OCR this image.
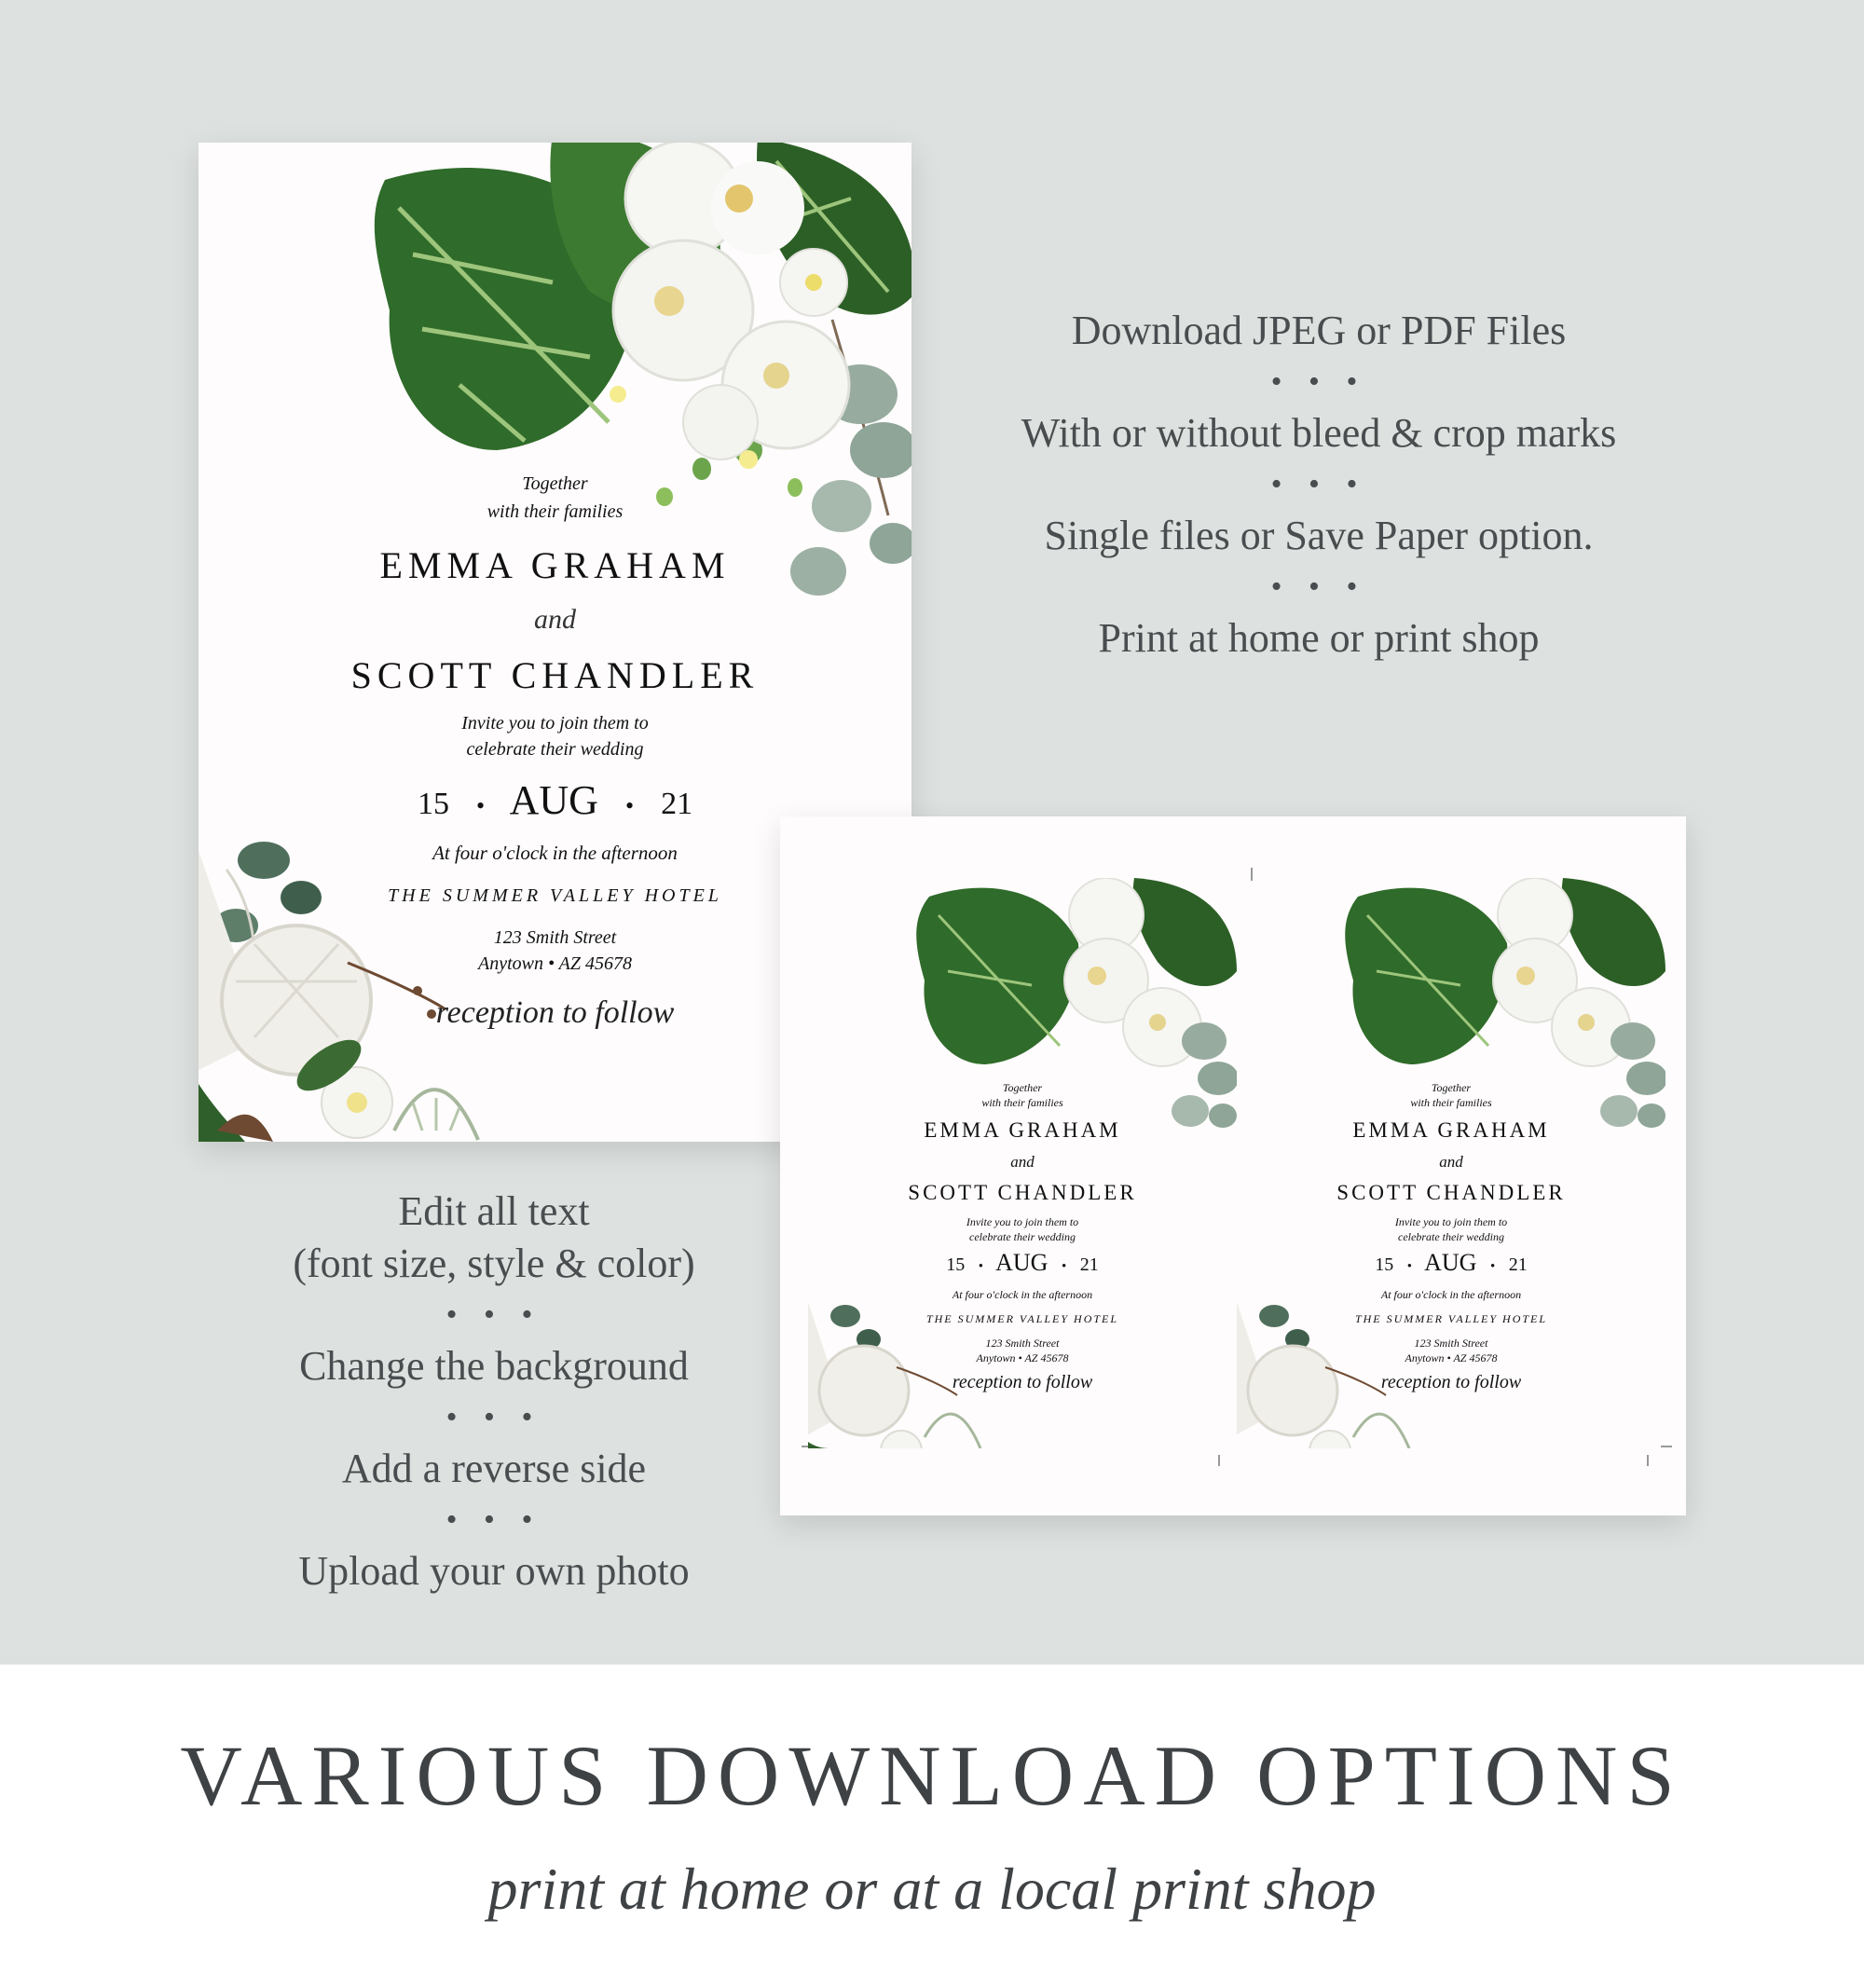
Together
with their families
EMMA GRAHAM
and
SCOTT CHANDLER
Invite you to join them to
celebrate their wedding
15 • AUG • 21
At four o'clock in the afternoon
THE SUMMER VALLEY HOTEL
123 Smith Street
Anytown • AZ 45678
reception to follow
Download JPEG or PDF Files
• • •
With or without bleed & crop marks
• • •
Single files or Save Paper option.
• • •
Print at home or print shop
Edit all text
(font size, style & color)
• • •
Change the background
• • •
Add a reverse side
• • •
Upload your own photo
Together
with their families
EMMA GRAHAM
and
SCOTT CHANDLER
Invite you to join them to
celebrate their wedding
15 • AUG • 21
At four o'clock in the afternoon
THE SUMMER VALLEY HOTEL
123 Smith Street
Anytown • AZ 45678
reception to follow
Together
with their families
EMMA GRAHAM
and
SCOTT CHANDLER
Invite you to join them to
celebrate their wedding
15 • AUG • 21
At four o'clock in the afternoon
THE SUMMER VALLEY HOTEL
123 Smith Street
Anytown • AZ 45678
reception to follow
VARIOUS DOWNLOAD OPTIONS
print at home or at a local print shop
